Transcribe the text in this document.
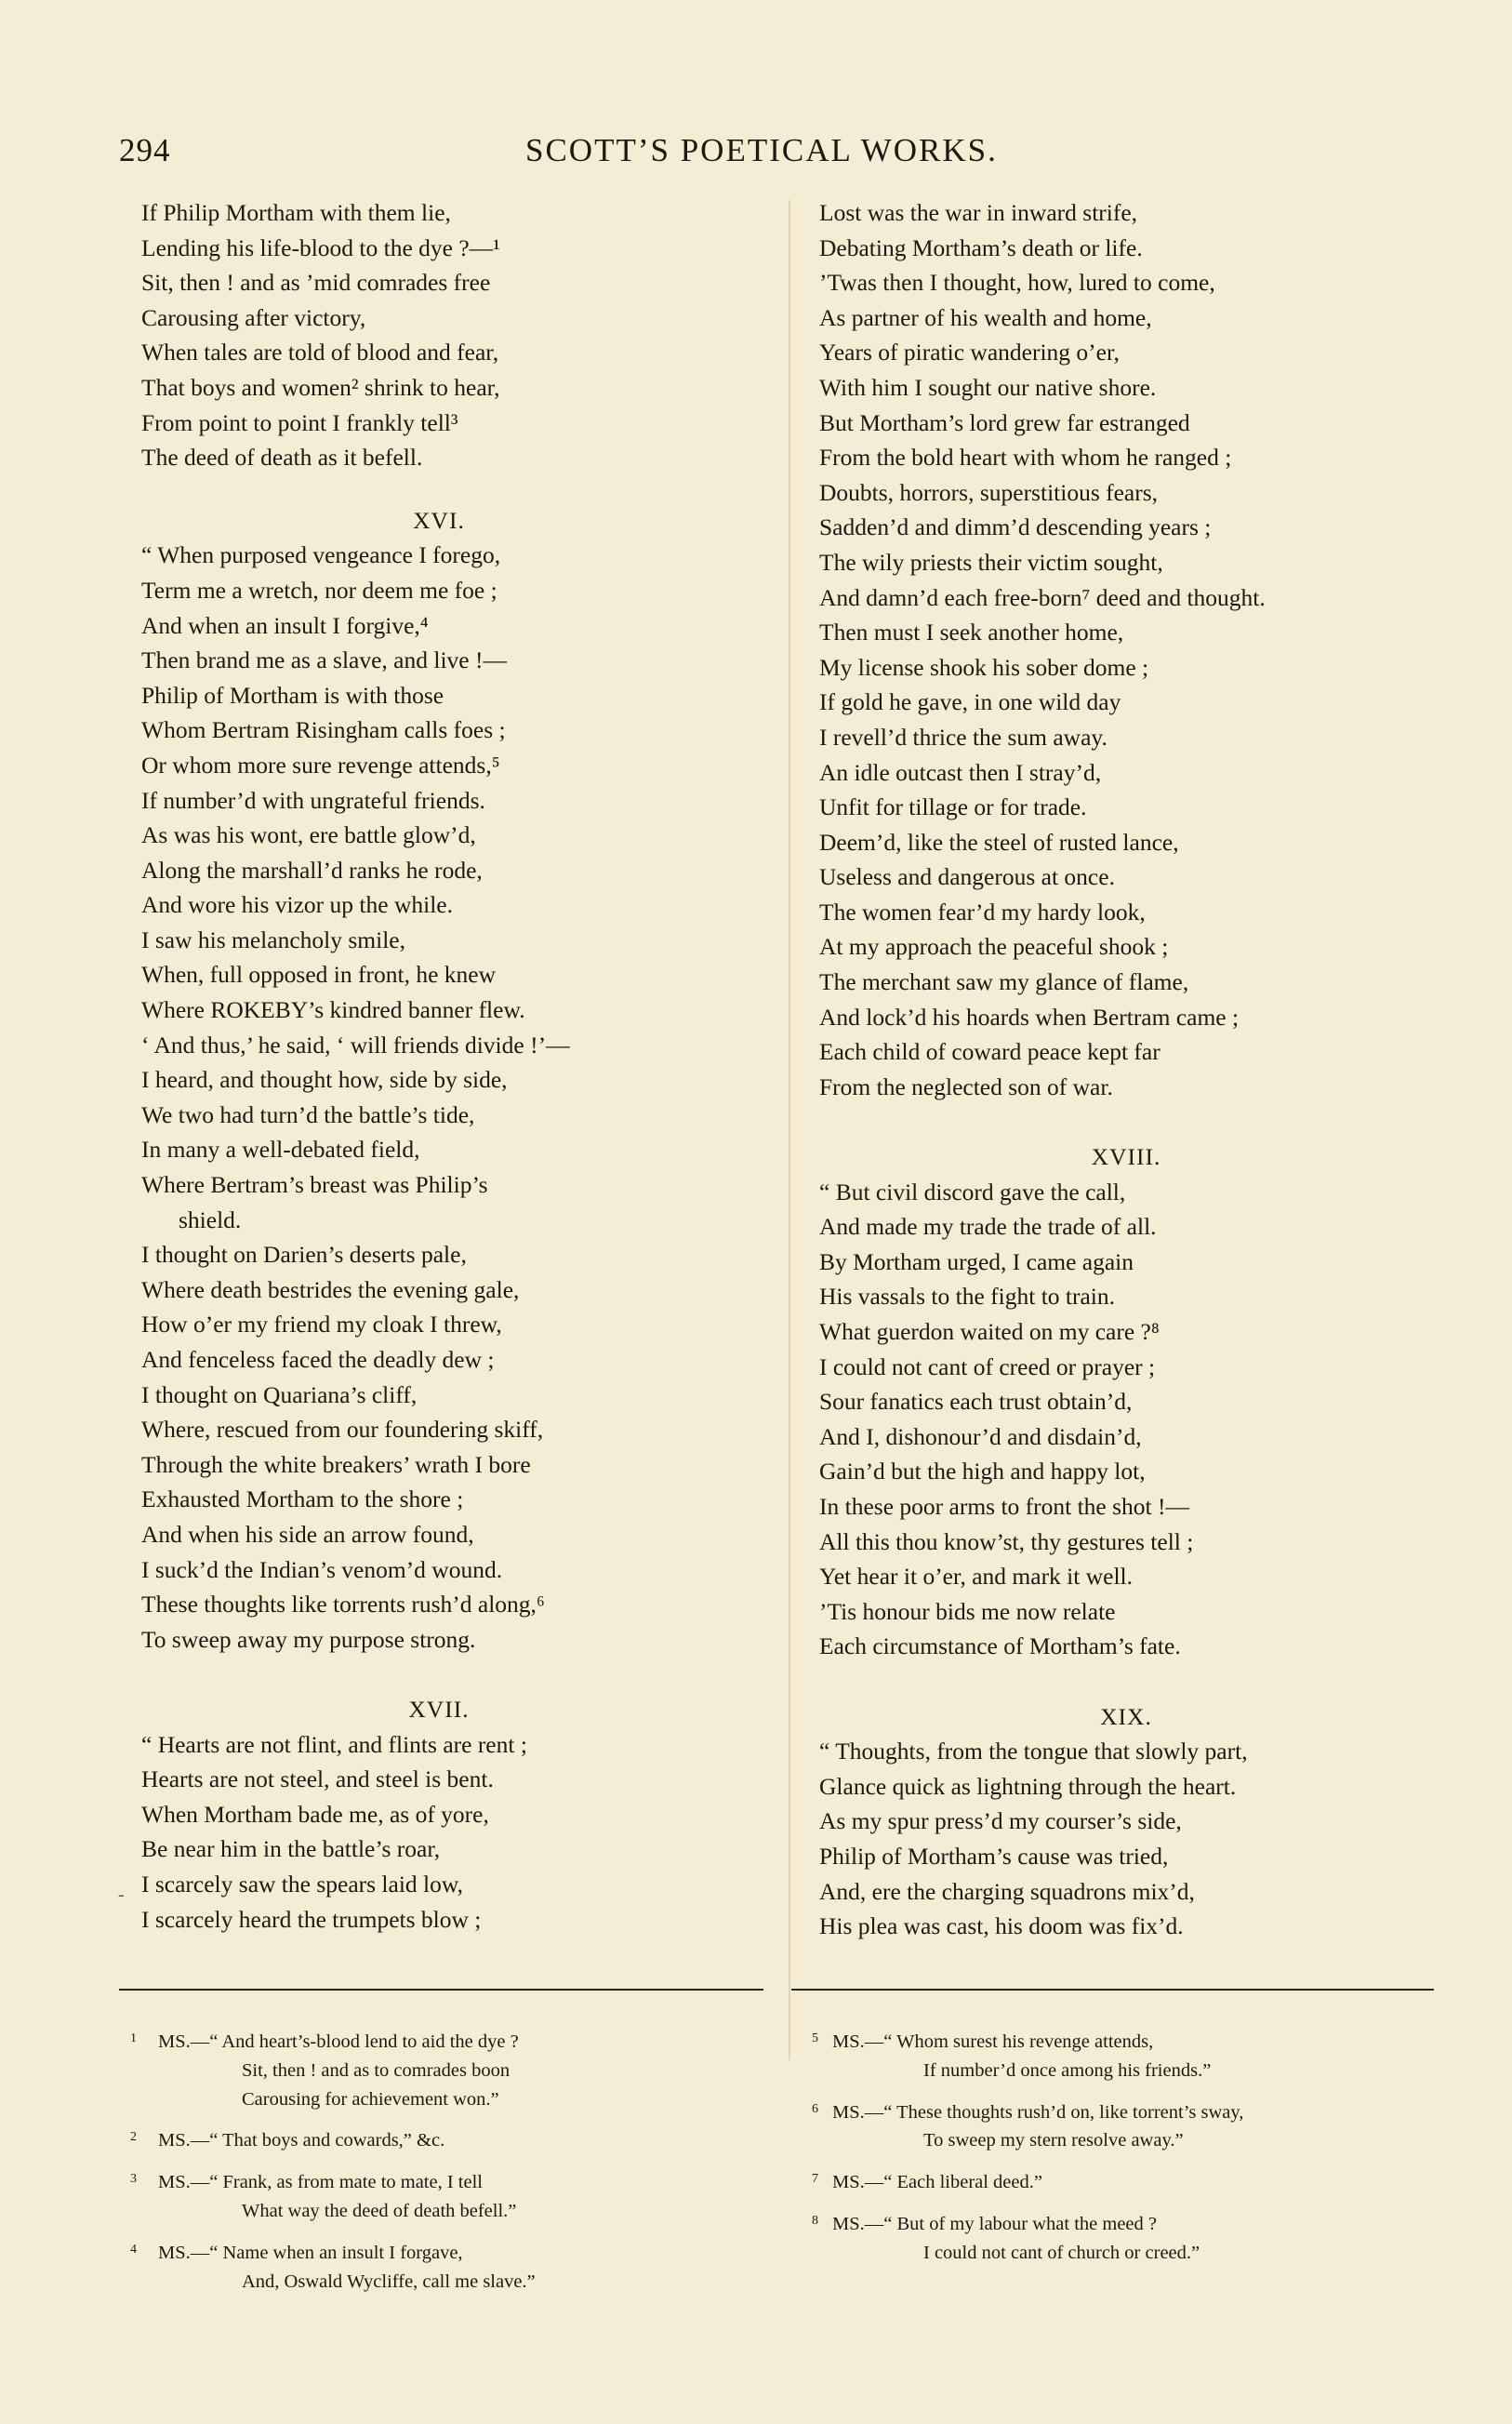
294	SCOTT’S POETICAL WORKS.
If Philip Mortham with them lie,
Lending his life-blood to the dye ?—¹
Sit, then ! and as ’mid comrades free
Carousing after victory,
When tales are told of blood and fear,
That boys and women² shrink to hear,
From point to point I frankly tell³
The deed of death as it befell.
XVI.
“ When purposed vengeance I forego,
Term me a wretch, nor deem me foe ;
And when an insult I forgive,⁴
Then brand me as a slave, and live !—
Philip of Mortham is with those
Whom Bertram Risingham calls foes ;
Or whom more sure revenge attends,⁵
If number’d with ungrateful friends.
As was his wont, ere battle glow’d,
Along the marshall’d ranks he rode,
And wore his vizor up the while.
I saw his melancholy smile,
When, full opposed in front, he knew
Where ROKEBY’s kindred banner flew.
‘ And thus,’ he said, ‘ will friends divide !’—
I heard, and thought how, side by side,
We two had turn’d the battle’s tide,
In many a well-debated field,
Where Bertram’s breast was Philip’s
shield.
I thought on Darien’s deserts pale,
Where death bestrides the evening gale,
How o’er my friend my cloak I threw,
And fenceless faced the deadly dew ;
I thought on Quariana’s cliff,
Where, rescued from our foundering skiff,
Through the white breakers’ wrath I bore
Exhausted Mortham to the shore ;
And when his side an arrow found,
I suck’d the Indian’s venom’d wound.
These thoughts like torrents rush’d along,⁶
To sweep away my purpose strong.
XVII.
“ Hearts are not flint, and flints are rent ;
Hearts are not steel, and steel is bent.
When Mortham bade me, as of yore,
Be near him in the battle’s roar,
I scarcely saw the spears laid low,
I scarcely heard the trumpets blow ;
-
Lost was the war in inward strife,
Debating Mortham’s death or life.
’Twas then I thought, how, lured to come,
As partner of his wealth and home,
Years of piratic wandering o’er,
With him I sought our native shore.
But Mortham’s lord grew far estranged
From the bold heart with whom he ranged ;
Doubts, horrors, superstitious fears,
Sadden’d and dimm’d descending years ;
The wily priests their victim sought,
And damn’d each free-born⁷ deed and thought.
Then must I seek another home,
My license shook his sober dome ;
If gold he gave, in one wild day
I revell’d thrice the sum away.
An idle outcast then I stray’d,
Unfit for tillage or for trade.
Deem’d, like the steel of rusted lance,
Useless and dangerous at once.
The women fear’d my hardy look,
At my approach the peaceful shook ;
The merchant saw my glance of flame,
And lock’d his hoards when Bertram came ;
Each child of coward peace kept far
From the neglected son of war.
XVIII.
“ But civil discord gave the call,
And made my trade the trade of all.
By Mortham urged, I came again
His vassals to the fight to train.
What guerdon waited on my care ?⁸
I could not cant of creed or prayer ;
Sour fanatics each trust obtain’d,
And I, dishonour’d and disdain’d,
Gain’d but the high and happy lot,
In these poor arms to front the shot !—
All this thou know’st, thy gestures tell ;
Yet hear it o’er, and mark it well.
’Tis honour bids me now relate
Each circumstance of Mortham’s fate.
XIX.
“ Thoughts, from the tongue that slowly part,
Glance quick as lightning through the heart.
As my spur press’d my courser’s side,
Philip of Mortham’s cause was tried,
And, ere the charging squadrons mix’d,
His plea was cast, his doom was fix’d.
1 MS.—“ And heart’s-blood lend to aid the dye ?
Sit, then ! and as to comrades boon
Carousing for achievement won.”
2 MS.—“ That boys and cowards,” &c.
3 MS.—“ Frank, as from mate to mate, I tell
What way the deed of death befell.”
4 MS.—“ Name when an insult I forgave,
And, Oswald Wycliffe, call me slave.”
5 MS.—“ Whom surest his revenge attends,
If number’d once among his friends.”
6 MS.—“ These thoughts rush’d on, like torrent’s sway,
To sweep my stern resolve away.”
7 MS.—“ Each liberal deed.”
8 MS.—“ But of my labour what the meed ?
I could not cant of church or creed.”
